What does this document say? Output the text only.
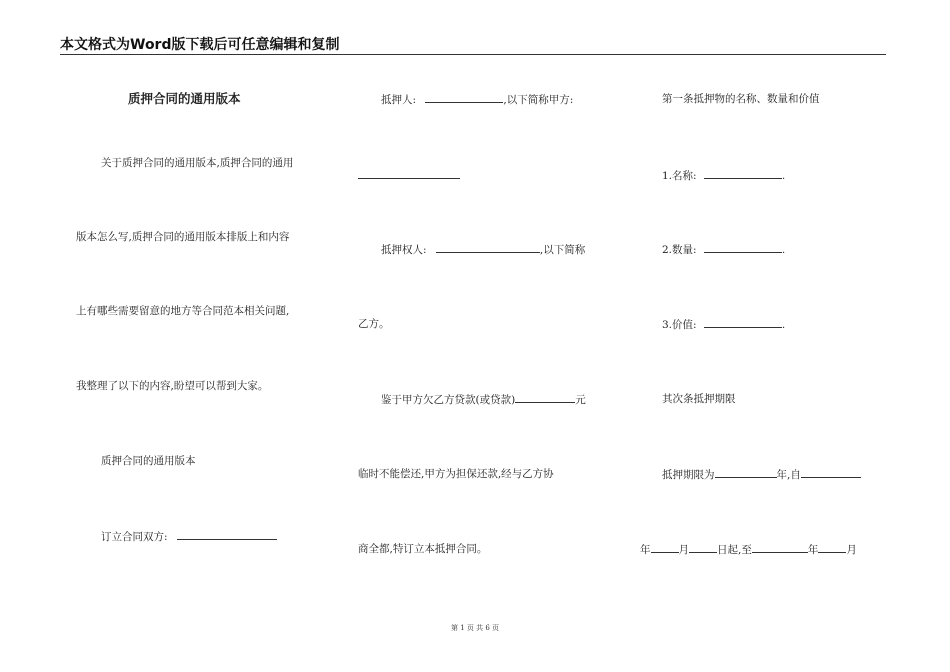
本文格式为Word版下载后可任意编辑和复制
质押合同的通用版本
关于质押合同的通用版本,质押合同的通用
版本怎么写,质押合同的通用版本排版上和内容
上有哪些需要留意的地方等合同范本相关问题,
我整理了以下的内容,盼望可以帮到大家。
质押合同的通用版本
订立合同双方:
抵押人:	,以下简称甲方:
抵押权人:	,以下简称
乙方。
鉴于甲方欠乙方贷款(或贷款)	元
临时不能偿还,甲方为担保还款,经与乙方协
商全都,特订立本抵押合同。
第一条抵押物的名称、数量和价值
1.名称:	.
2.数量:	.
3.价值:	.
其次条抵押期限
抵押期限为	年,自
年	月	日起,至	年	月
第 1 页 共 6 页
